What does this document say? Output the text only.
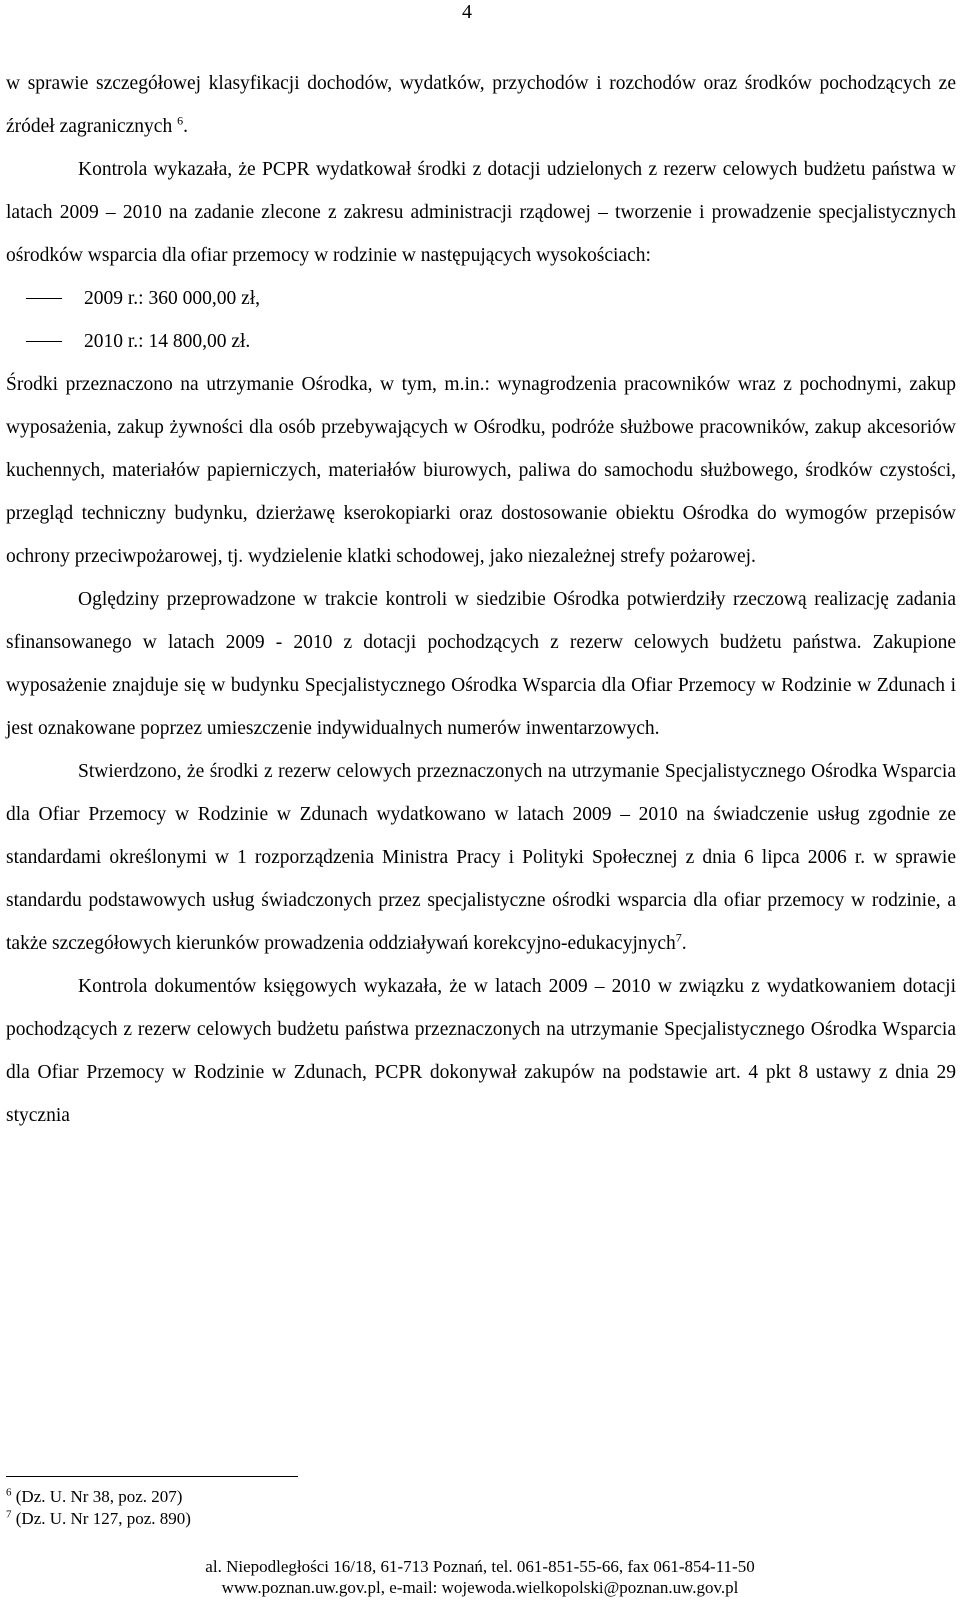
4

w sprawie szczegółowej klasyfikacji dochodów, wydatków, przychodów i rozchodów oraz środków pochodzących ze źródeł zagranicznych $^6$.

Kontrola wykazała, że PCPR wydatkował środki z dotacji udzielonych z rezerw celowych budżetu państwa w latach 2009 – 2010 na zadanie zlecone z zakresu administracji rządowej – tworzenie i prowadzenie specjalistycznych ośrodków wsparcia dla ofiar przemocy w rodzinie w następujących wysokościach:

2009 r.: 360 000,00 zł,
2010 r.: 14 800,00 zł.

Środki przeznaczono na utrzymanie Ośrodka, w tym, m.in.: wynagrodzenia pracowników wraz z pochodnymi, zakup wyposażenia, zakup żywności dla osób przebywających w Ośrodku, podróże służbowe pracowników, zakup akcesoriów kuchennych, materiałów papierniczych, materiałów biurowych, paliwa do samochodu służbowego, środków czystości, przegląd techniczny budynku, dzierżawę kserokopiarki oraz dostosowanie obiektu Ośrodka do wymogów przepisów ochrony przeciwpożarowej, tj. wydzielenie klatki schodowej, jako niezależnej strefy pożarowej.

Oględziny przeprowadzone w trakcie kontroli w siedzibie Ośrodka potwierdziły rzeczową realizację zadania sfinansowanego w latach 2009 - 2010 z dotacji pochodzących z rezerw celowych budżetu państwa. Zakupione wyposażenie znajduje się w budynku Specjalistycznego Ośrodka Wsparcia dla Ofiar Przemocy w Rodzinie w Zdunach i jest oznakowane poprzez umieszczenie indywidualnych numerów inwentarzowych.

Stwierdzono, że środki z rezerw celowych przeznaczonych na utrzymanie Specjalistycznego Ośrodka Wsparcia dla Ofiar Przemocy w Rodzinie w Zdunach wydatkowano w latach 2009 – 2010 na świadczenie usług zgodnie ze standardami określonymi w 1 rozporządzenia Ministra Pracy i Polityki Społecznej z dnia 6 lipca 2006 r. w sprawie standardu podstawowych usług świadczonych przez specjalistyczne ośrodki wsparcia dla ofiar przemocy w rodzinie, a także szczegółowych kierunków prowadzenia oddziaływań korekcyjno-edukacyjnych$^7$.

Kontrola dokumentów księgowych wykazała, że w latach 2009 – 2010 w związku z wydatkowaniem dotacji pochodzących z rezerw celowych budżetu państwa przeznaczonych na utrzymanie Specjalistycznego Ośrodka Wsparcia dla Ofiar Przemocy w Rodzinie w Zdunach, PCPR dokonywał zakupów na podstawie art. 4 pkt 8 ustawy z dnia 29 stycznia

$^6$ (Dz. U. Nr 38, poz. 207)
$^7$ (Dz. U. Nr 127, poz. 890)
al. Niepodległości 16/18, 61-713 Poznań, tel. 061-851-55-66, fax 061-854-11-50
www.poznan.uw.gov.pl, e-mail: wojewoda.wielkopolski@poznan.uw.gov.pl
